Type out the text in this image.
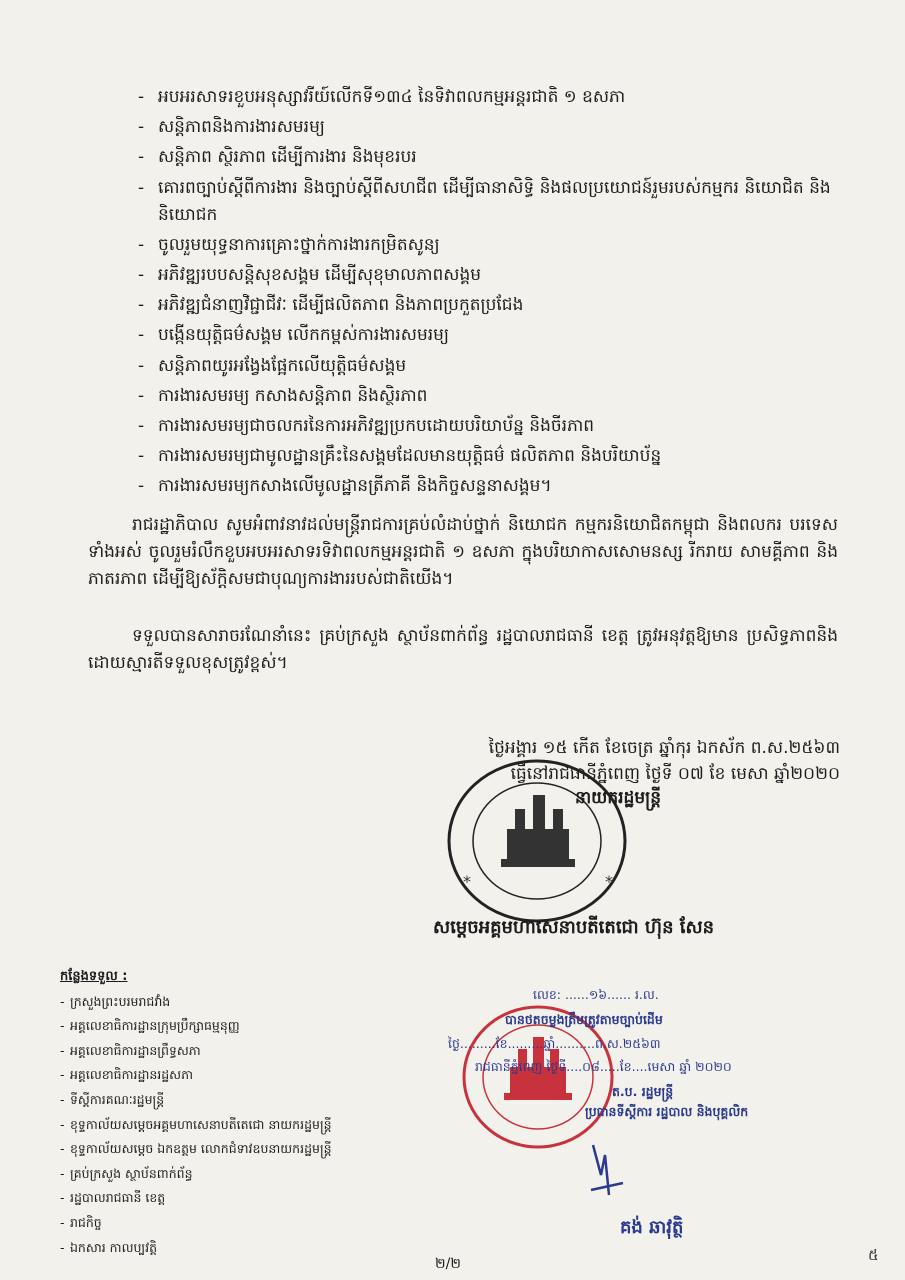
- អបអរសាទរខួបអនុស្សាវរីយ៍លើកទី១៣៤ នៃទិវាពលកម្មអន្តរជាតិ ១ ឧសភា
- សន្តិភាពនិងការងារសមរម្យ
- សន្តិភាព ស្ថិរភាព ដើម្បីការងារ និងមុខរបរ
- គោរពច្បាប់ស្តីពីការងារ និងច្បាប់ស្តីពីសហជីព ដើម្បីធានាសិទ្ធិ និងផលប្រយោជន៍រួមរបស់កម្មករ និយោជិត និងនិយោជក
- ចូលរួមយុទ្ធនាការគ្រោះថ្នាក់ការងារកម្រិតសូន្យ
- អភិវឌ្ឍរបបសន្តិសុខសង្គម ដើម្បីសុខុមាលភាពសង្គម
- អភិវឌ្ឍជំនាញវិជ្ជាជីវៈ ដើម្បីផលិតភាព និងភាពប្រកួតប្រជែង
- បង្កើនយុត្តិធម៌សង្គម លើកកម្ពស់ការងារសមរម្យ
- សន្តិភាពយូរអង្វែងផ្អែកលើយុត្តិធម៌សង្គម
- ការងារសមរម្យ កសាងសន្តិភាព និងស្ថិរភាព
- ការងារសមរម្យជាចលករនៃការអភិវឌ្ឍប្រកបដោយបរិយាប័ន្ន និងចីរភាព
- ការងារសមរម្យជាមូលដ្ឋានគ្រឹះនៃសង្គមដែលមានយុត្តិធម៌ ផលិតភាព និងបរិយាប័ន្ន
- ការងារសមរម្យកសាងលើមូលដ្ឋានត្រីភាគី និងកិច្ចសន្ទនាសង្គម។

រាជរដ្ឋាភិបាល សូមអំពាវនាវដល់មន្ត្រីរាជការគ្រប់លំដាប់ថ្នាក់ និយោជក កម្មករនិយោជិតកម្ពុជា និងពលករ បរទេសទាំងអស់ ចូលរួមរំលឹកខួបអបអរសាទរទិវាពលកម្មអន្តរជាតិ ១ ឧសភា ក្នុងបរិយាកាសសោមនស្ស រីករាយ សាមគ្គីភាព និងភាតរភាព ដើម្បីឱ្យស័ក្តិសមជាបុណ្យការងាររបស់ជាតិយើង។

ទទួលបានសារាចរណែនាំនេះ គ្រប់ក្រសួង ស្ថាប័នពាក់ព័ន្ធ រដ្ឋបាលរាជធានី ខេត្ត ត្រូវអនុវត្តឱ្យមាន ប្រសិទ្ធភាពនិងដោយស្មារតីទទួលខុសត្រូវខ្ពស់។

ថ្ងៃអង្គារ ១៥ កើត ខែចេត្រ ឆ្នាំកុរ ឯកស័ក ព.ស.២៥៦៣
ធ្វើនៅរាជធានីភ្នំពេញ ថ្ងៃទី ០៧ ខែ មេសា ឆ្នាំ២០២០
*	*
នាយករដ្ឋមន្ត្រី
សម្តេចអគ្គមហាសេនាបតីតេជោ ហ៊ុន សែន
កន្លែងទទួល :
- ក្រសួងព្រះបរមរាជវាំង
- អគ្គលេខាធិការដ្ឋានក្រុមប្រឹក្សាធម្មនុញ្ញ
- អគ្គលេខាធិការដ្ឋានព្រឹទ្ធសភា
- អគ្គលេខាធិការដ្ឋានរដ្ឋសភា
- ទីស្តីការគណៈរដ្ឋមន្ត្រី
- ខុទ្ទកាល័យសម្តេចអគ្គមហាសេនាបតីតេជោ នាយករដ្ឋមន្ត្រី
- ខុទ្ទកាល័យសម្តេច ឯកឧត្តម លោកជំទាវឧបនាយករដ្ឋមន្ត្រី
- គ្រប់ក្រសួង ស្ថាប័នពាក់ព័ន្ធ
- រដ្ឋបាលរាជធានី ខេត្ត
- រាជកិច្ច
- ឯកសារ កាលប្បវត្តិ
លេខ: ......១៦...... រ.ល.
បានថតចម្លងត្រឹមត្រូវតាមច្បាប់ដើម
ថ្ងៃ.........ខែ.........ឆ្នាំ..........ព.ស.២៥៦៣
រាជធានីភ្នំពេញ ថ្ងៃទី....០៨.....ខែ....មេសា ឆ្នាំ ២០២០
ត.ប. រដ្ឋមន្ត្រី
ប្រធានទីស្តីការ រដ្ឋបាល និងបុគ្គលិក
គង់ ឆាវុត្ថិ
២/២	៥
